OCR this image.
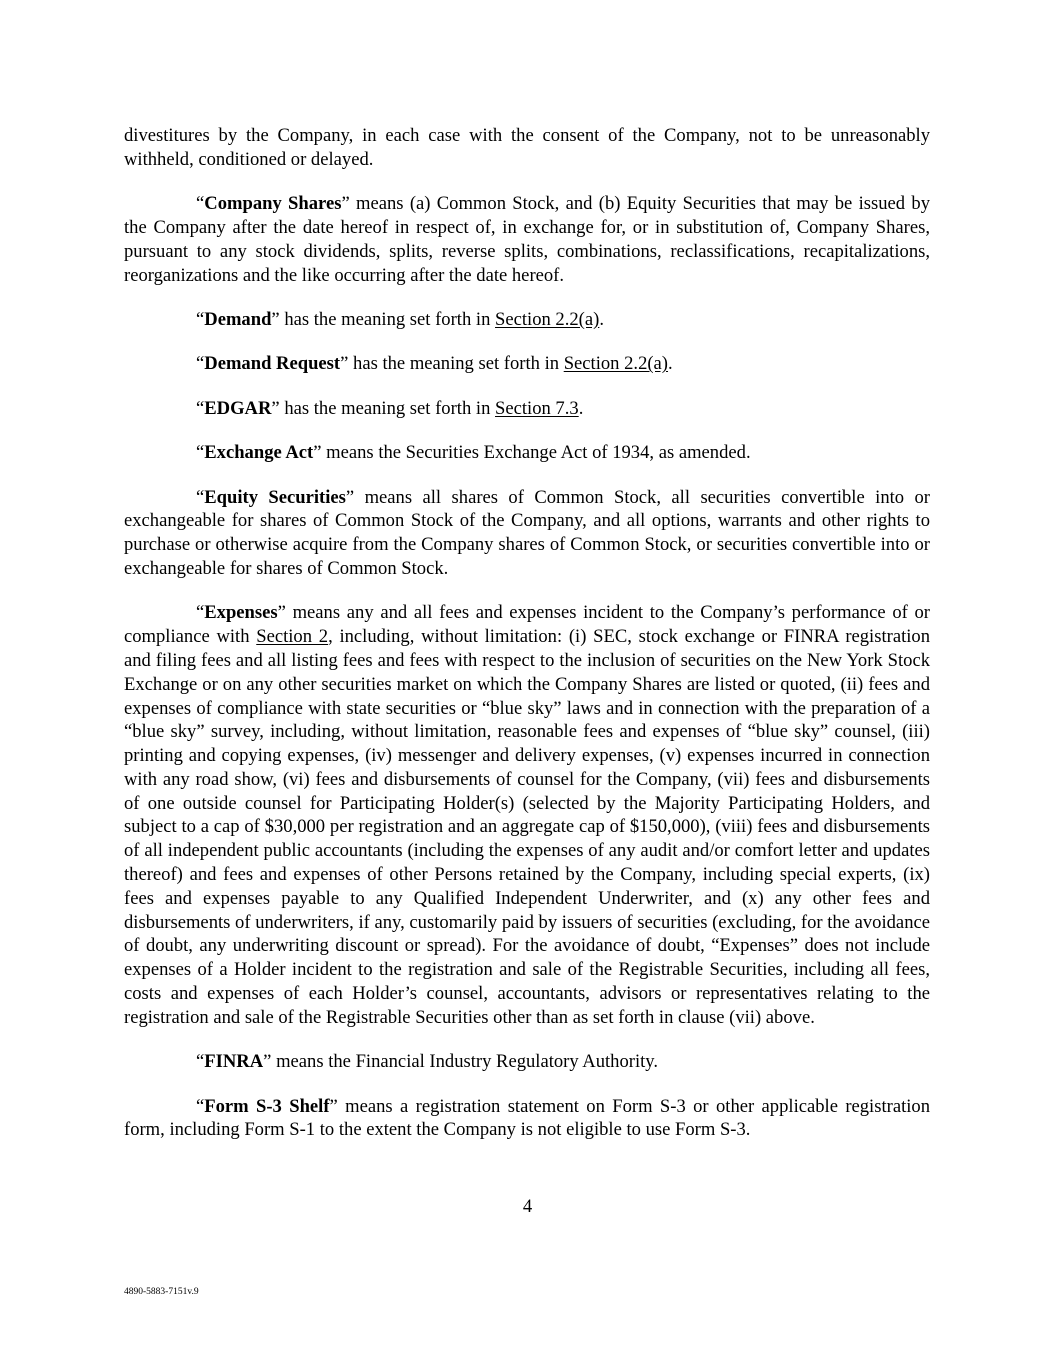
divestitures by the Company, in each case with the consent of the Company, not to be unreasonably withheld, conditioned or delayed.

“Company Shares” means (a) Common Stock, and (b) Equity Securities that may be issued by the Company after the date hereof in respect of, in exchange for, or in substitution of, Company Shares, pursuant to any stock dividends, splits, reverse splits, combinations, reclassifications, recapitalizations, reorganizations and the like occurring after the date hereof.

“Demand” has the meaning set forth in Section 2.2(a).

“Demand Request” has the meaning set forth in Section 2.2(a).

“EDGAR” has the meaning set forth in Section 7.3.

“Exchange Act” means the Securities Exchange Act of 1934, as amended.

“Equity Securities” means all shares of Common Stock, all securities convertible into or exchangeable for shares of Common Stock of the Company, and all options, warrants and other rights to purchase or otherwise acquire from the Company shares of Common Stock, or securities convertible into or exchangeable for shares of Common Stock.

“Expenses” means any and all fees and expenses incident to the Company’s performance of or compliance with Section 2, including, without limitation: (i) SEC, stock exchange or FINRA registration and filing fees and all listing fees and fees with respect to the inclusion of securities on the New York Stock Exchange or on any other securities market on which the Company Shares are listed or quoted, (ii) fees and expenses of compliance with state securities or “blue sky” laws and in connection with the preparation of a “blue sky” survey, including, without limitation, reasonable fees and expenses of “blue sky” counsel, (iii) printing and copying expenses, (iv) messenger and delivery expenses, (v) expenses incurred in connection with any road show, (vi) fees and disbursements of counsel for the Company, (vii) fees and disbursements of one outside counsel for Participating Holder(s) (selected by the Majority Participating Holders, and subject to a cap of $30,000 per registration and an aggregate cap of $150,000), (viii) fees and disbursements of all independent public accountants (including the expenses of any audit and/or comfort letter and updates thereof) and fees and expenses of other Persons retained by the Company, including special experts, (ix) fees and expenses payable to any Qualified Independent Underwriter, and (x) any other fees and disbursements of underwriters, if any, customarily paid by issuers of securities (excluding, for the avoidance of doubt, any underwriting discount or spread). For the avoidance of doubt, “Expenses” does not include expenses of a Holder incident to the registration and sale of the Registrable Securities, including all fees, costs and expenses of each Holder’s counsel, accountants, advisors or representatives relating to the registration and sale of the Registrable Securities other than as set forth in clause (vii) above.

“FINRA” means the Financial Industry Regulatory Authority.

“Form S-3 Shelf” means a registration statement on Form S-3 or other applicable registration form, including Form S-1 to the extent the Company is not eligible to use Form S-3.

4
4890-5883-7151v.9
